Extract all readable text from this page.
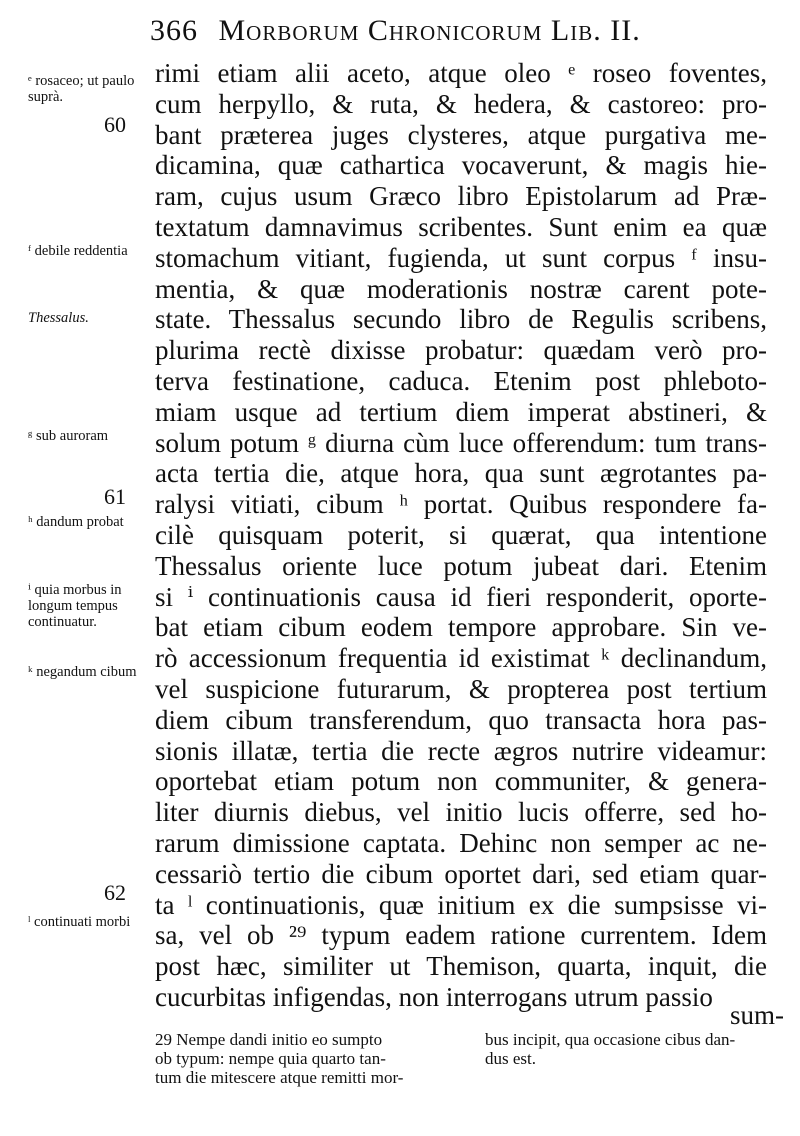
366 Morborum Chronicorum Lib. II.
ᵉ rosaceo; ut paulo suprà.
60
ᶠ debile reddentia
Thessalus.
ᵍ sub auroram
61
ʰ dandum probat
ⁱ quia morbus in longum tempus continuatur.
ᵏ negandum cibum
62
ˡ continuati morbi
rimi etiam alii aceto, atque oleo ᵉ roseo foventes,
cum herpyllo, & ruta, & hedera, & castoreo: pro-
bant præterea juges clysteres, atque purgativa me-
dicamina, quæ cathartica vocaverunt, & magis hie-
ram, cujus usum Græco libro Epistolarum ad Præ-
textatum damnavimus scribentes. Sunt enim ea quæ
stomachum vitiant, fugienda, ut sunt corpus ᶠ insu-
mentia, & quæ moderationis nostræ carent pote-
state. Thessalus secundo libro de Regulis scribens,
plurima rectè dixisse probatur: quædam verò pro-
terva festinatione, caduca. Etenim post phleboto-
miam usque ad tertium diem imperat abstineri, &
solum potum ᵍ diurna cùm luce offerendum: tum trans-
acta tertia die, atque hora, qua sunt ægrotantes pa-
ralysi vitiati, cibum ʰ portat. Quibus respondere fa-
cilè quisquam poterit, si quærat, qua intentione
Thessalus oriente luce potum jubeat dari. Etenim
si ⁱ continuationis causa id fieri responderit, oporte-
bat etiam cibum eodem tempore approbare. Sin ve-
rò accessionum frequentia id existimat ᵏ declinandum,
vel suspicione futurarum, & propterea post tertium
diem cibum transferendum, quo transacta hora pas-
sionis illatæ, tertia die recte ægros nutrire videamur:
oportebat etiam potum non communiter, & genera-
liter diurnis diebus, vel initio lucis offerre, sed ho-
rarum dimissione captata. Dehinc non semper ac ne-
cessariò tertio die cibum oportet dari, sed etiam quar-
ta ˡ continuationis, quæ initium ex die sumpsisse vi-
sa, vel ob ²⁹ typum eadem ratione currentem. Idem
post hæc, similiter ut Themison, quarta, inquit, die
cucurbitas infigendas, non interrogans utrum passio
sum-
29 Nempe dandi initio eo sumpto
ob typum: nempe quia quarto tan-
tum die mitescere atque remitti mor-
bus incipit, qua occasione cibus dan-
dus est.
